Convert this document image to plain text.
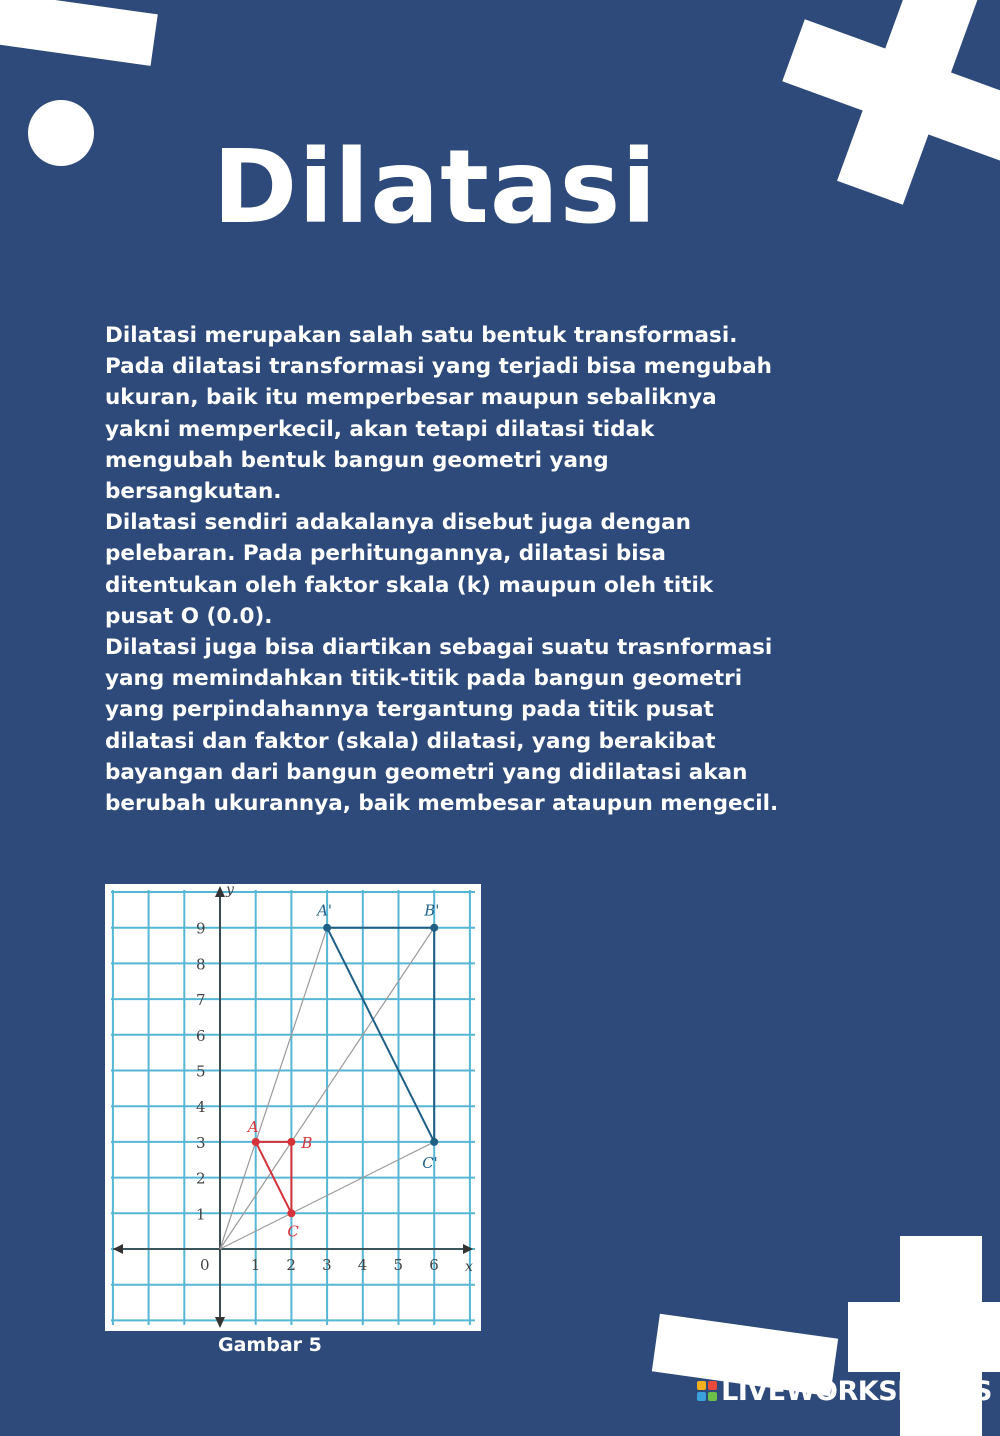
Dilatasi

Dilatasi merupakan salah satu bentuk transformasi. Pada dilatasi transformasi yang terjadi bisa mengubah ukuran, baik itu memperbesar maupun sebaliknya yakni memperkecil, akan tetapi dilatasi tidak mengubah bentuk bangun geometri yang bersangkutan.

Dilatasi sendiri adakalanya disebut juga dengan pelebaran. Pada perhitungannya, dilatasi bisa ditentukan oleh faktor skala (k) maupun oleh titik pusat O (0.0).

Dilatasi juga bisa diartikan sebagai suatu trasnformasi yang memindahkan titik-titik pada bangun geometri yang perpindahannya tergantung pada titik pusat dilatasi dan faktor (skala) dilatasi, yang berakibat bayangan dari bangun geometri yang didilatasi akan berubah ukurannya, baik membesar ataupun mengecil.

y
x
0	1 2 3 4 5 6
1
2
3
4
5
6
7
8
9
A
B
C
A'	B'
C'
Gambar 5
LIVEWORKSHEETS
